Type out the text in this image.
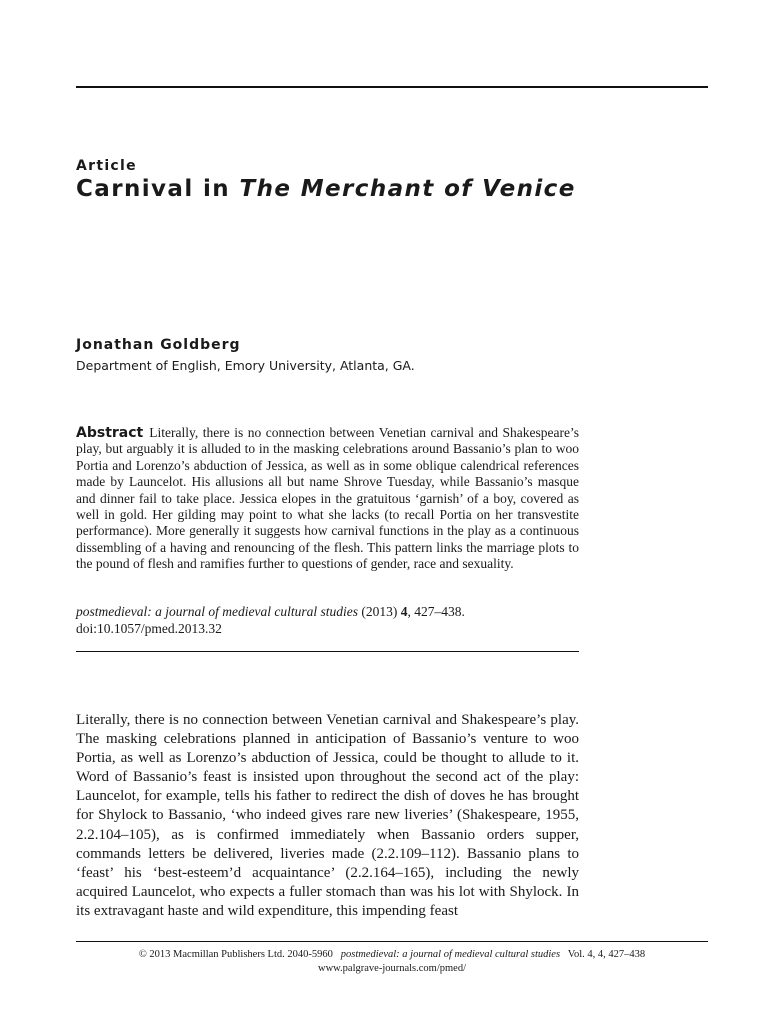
Article
Carnival in The Merchant of Venice
Jonathan Goldberg
Department of English, Emory University, Atlanta, GA.
Abstract Literally, there is no connection between Venetian carnival and Shakespeare’s play, but arguably it is alluded to in the masking celebrations around Bassanio’s plan to woo Portia and Lorenzo’s abduction of Jessica, as well as in some oblique calendrical references made by Launcelot. His allusions all but name Shrove Tuesday, while Bassanio’s masque and dinner fail to take place. Jessica elopes in the gratuitous ‘garnish’ of a boy, covered as well in gold. Her gilding may point to what she lacks (to recall Portia on her transvestite performance). More generally it suggests how carnival functions in the play as a continuous dissembling of a having and renouncing of the flesh. This pattern links the marriage plots to the pound of flesh and ramifies further to questions of gender, race and sexuality.
postmedieval: a journal of medieval cultural studies (2013) 4, 427–438.
doi:10.1057/pmed.2013.32
Literally, there is no connection between Venetian carnival and Shakespeare’s play. The masking celebrations planned in anticipation of Bassanio’s venture to woo Portia, as well as Lorenzo’s abduction of Jessica, could be thought to allude to it. Word of Bassanio’s feast is insisted upon throughout the second act of the play: Launcelot, for example, tells his father to redirect the dish of doves he has brought for Shylock to Bassanio, ‘who indeed gives rare new liveries’ (Shakespeare, 1955, 2.2.104–105), as is confirmed immediately when Bassanio orders supper, commands letters be delivered, liveries made (2.2.109–112). Bassanio plans to ‘feast’ his ‘best-esteem’d acquaintance’ (2.2.164–165), including the newly acquired Launcelot, who expects a fuller stomach than was his lot with Shylock. In its extravagant haste and wild expenditure, this impending feast
© 2013 Macmillan Publishers Ltd. 2040-5960 postmedieval: a journal of medieval cultural studies Vol. 4, 4, 427–438
www.palgrave-journals.com/pmed/
